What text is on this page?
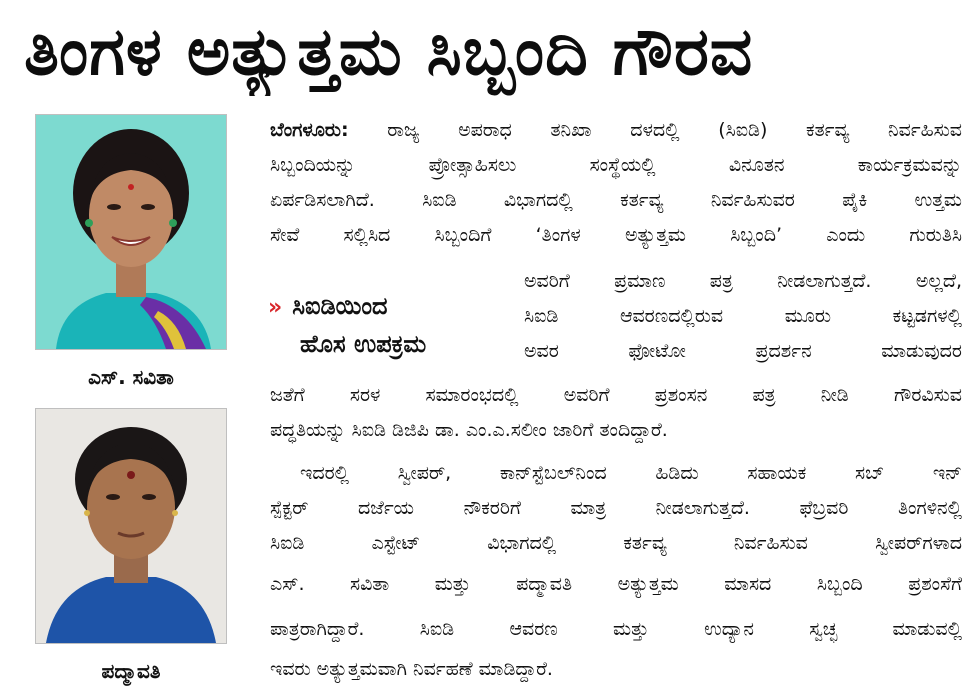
ತಿಂಗಳ ಅತ್ಯುತ್ತಮ ಸಿಬ್ಬಂದಿ ಗೌರವ
ಎಸ್. ಸವಿತಾ
ಪದ್ಮಾವತಿ
» ಸಿಐಡಿಯಿಂದ
ಹೊಸ ಉಪಕ್ರಮ
ಬೆಂಗಳೂರು: ರಾಜ್ಯ ಅಪರಾಧ ತನಿಖಾ ದಳದಲ್ಲಿ (ಸಿಐಡಿ) ಕರ್ತವ್ಯ ನಿರ್ವಹಿಸುವ
ಸಿಬ್ಬಂದಿಯನ್ನು ಪ್ರೋತ್ಸಾಹಿಸಲು ಸಂಸ್ಥೆಯಲ್ಲಿ ವಿನೂತನ ಕಾರ್ಯಕ್ರಮವನ್ನು
ಏರ್ಪಡಿಸಲಾಗಿದೆ. ಸಿಐಡಿ ವಿಭಾಗದಲ್ಲಿ ಕರ್ತವ್ಯ ನಿರ್ವಹಿಸುವರ ಪೈಕಿ ಉತ್ತಮ
ಸೇವೆ ಸಲ್ಲಿಸಿದ ಸಿಬ್ಬಂದಿಗೆ ‘ತಿಂಗಳ ಅತ್ಯುತ್ತಮ ಸಿಬ್ಬಂದಿ’ ಎಂದು ಗುರುತಿಸಿ
ಅವರಿಗೆ ಪ್ರಮಾಣ ಪತ್ರ ನೀಡಲಾಗುತ್ತದೆ. ಅಲ್ಲದೆ,
ಸಿಐಡಿ ಆವರಣದಲ್ಲಿರುವ ಮೂರು ಕಟ್ಟಡಗಳಲ್ಲಿ
ಅವರ ಫೋಟೋ ಪ್ರದರ್ಶನ ಮಾಡುವುದರ
ಜತೆಗೆ ಸರಳ ಸಮಾರಂಭದಲ್ಲಿ ಅವರಿಗೆ ಪ್ರಶಂಸನ ಪತ್ರ ನೀಡಿ ಗೌರವಿಸುವ
ಪದ್ಧತಿಯನ್ನು ಸಿಐಡಿ ಡಿಜಿಪಿ ಡಾ. ಎಂ.ಎ.ಸಲೀಂ ಜಾರಿಗೆ ತಂದಿದ್ದಾರೆ.
ಇದರಲ್ಲಿ ಸ್ವೀಪರ್, ಕಾನ್‌ಸ್ಟೆಬಲ್‌ನಿಂದ ಹಿಡಿದು ಸಹಾಯಕ ಸಬ್ ಇನ್
ಸ್ಪೆಕ್ಟರ್ ದರ್ಜೆಯ ನೌಕರರಿಗೆ ಮಾತ್ರ ನೀಡಲಾಗುತ್ತದೆ. ಫೆಬ್ರವರಿ ತಿಂಗಳಿನಲ್ಲಿ
ಸಿಐಡಿ ಎಸ್ಟೇಟ್ ವಿಭಾಗದಲ್ಲಿ ಕರ್ತವ್ಯ ನಿರ್ವಹಿಸುವ ಸ್ವೀಪರ್‌ಗಳಾದ
ಎಸ್. ಸವಿತಾ ಮತ್ತು ಪದ್ಮಾವತಿ ಅತ್ಯುತ್ತಮ ಮಾಸದ ಸಿಬ್ಬಂದಿ ಪ್ರಶಂಸೆಗೆ
ಪಾತ್ರರಾಗಿದ್ದಾರೆ. ಸಿಐಡಿ ಆವರಣ ಮತ್ತು ಉದ್ಯಾನ ಸ್ವಚ್ಛ ಮಾಡುವಲ್ಲಿ
ಇವರು ಅತ್ಯುತ್ತಮವಾಗಿ ನಿರ್ವಹಣೆ ಮಾಡಿದ್ದಾರೆ.
